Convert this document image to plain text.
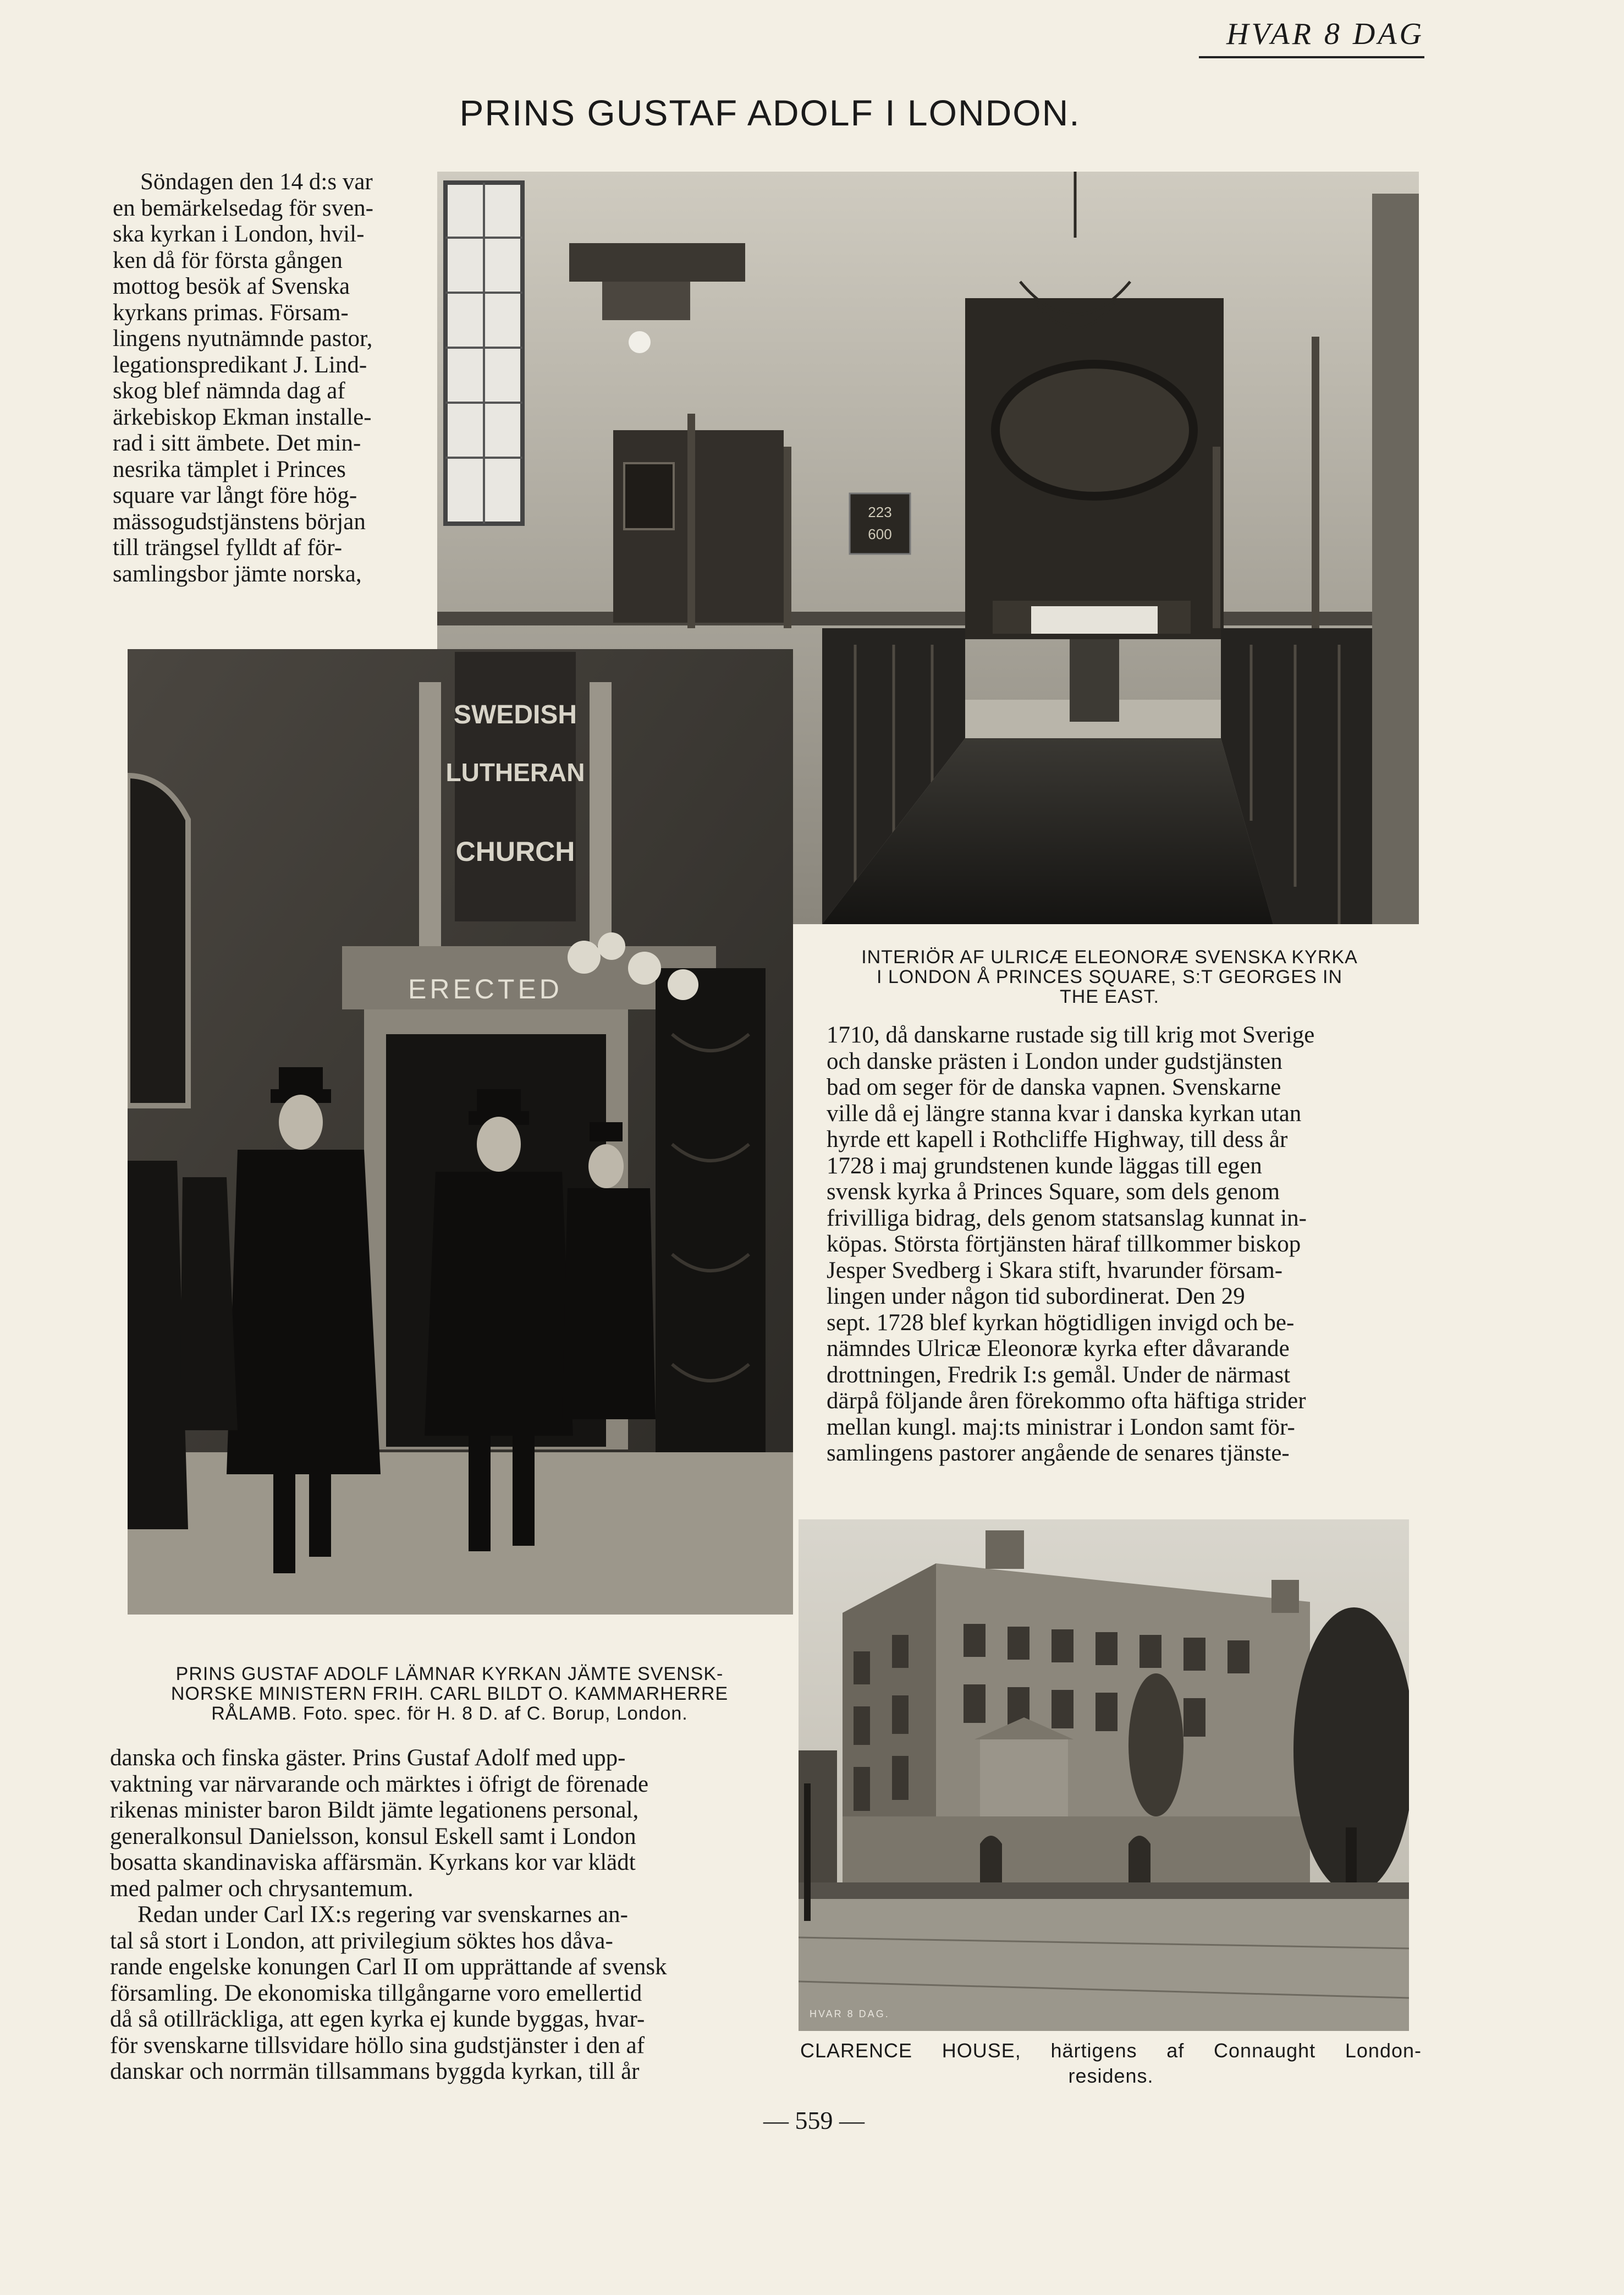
HVAR 8 DAG
PRINS GUSTAF ADOLF I LONDON.

Söndagen den 14 d:s var

en bemärkelsedag för sven-

ska kyrkan i London, hvil-

ken då för första gången

mottog besök af Svenska

kyrkans primas. Försam-

lingens nyutnämnde pastor,

legationspredikant J. Lind-

skog blef nämnda dag af

ärkebiskop Ekman installe-

rad i sitt ämbete. Det min-

nesrika tämplet i Princes

square var långt före hög-

mässogudstjänstens början

till trängsel fylldt af för-

samlingsbor jämte norska,

223
600
SWEDISH
LUTHERAN
CHURCH
ERECTED

INTERIÖR AF ULRICÆ ELEONORÆ SVENSKA KYRKA

I LONDON Å PRINCES SQUARE, S:T GEORGES IN

THE EAST.

1710, då danskarne rustade sig till krig mot Sverige

och danske prästen i London under gudstjänsten

bad om seger för de danska vapnen. Svenskarne

ville då ej längre stanna kvar i danska kyrkan utan

hyrde ett kapell i Rothcliffe Highway, till dess år

1728 i maj grundstenen kunde läggas till egen

svensk kyrka å Princes Square, som dels genom

frivilliga bidrag, dels genom statsanslag kunnat in-

köpas. Största förtjänsten häraf tillkommer biskop

Jesper Svedberg i Skara stift, hvarunder försam-

lingen under någon tid subordinerat. Den 29

sept. 1728 blef kyrkan högtidligen invigd och be-

nämndes Ulricæ Eleonoræ kyrka efter dåvarande

drottningen, Fredrik I:s gemål. Under de närmast

därpå följande åren förekommo ofta häftiga strider

mellan kungl. maj:ts ministrar i London samt för-

samlingens pastorer angående de senares tjänste-

PRINS GUSTAF ADOLF LÄMNAR KYRKAN JÄMTE SVENSK-

NORSKE MINISTERN FRIH. CARL BILDT O. KAMMARHERRE

RÅLAMB. Foto. spec. för H. 8 D. af C. Borup, London.

danska och finska gäster. Prins Gustaf Adolf med upp-

vaktning var närvarande och märktes i öfrigt de förenade

rikenas minister baron Bildt jämte legationens personal,

generalkonsul Danielsson, konsul Eskell samt i London

bosatta skandinaviska affärsmän. Kyrkans kor var klädt

med palmer och chrysantemum.

Redan under Carl IX:s regering var svenskarnes an-

tal så stort i London, att privilegium söktes hos dåva-

rande engelske konungen Carl II om upprättande af svensk

församling. De ekonomiska tillgångarne voro emellertid

då så otillräckliga, att egen kyrka ej kunde byggas, hvar-

för svenskarne tillsvidare höllo sina gudstjänster i den af

danskar och norrmän tillsammans byggda kyrkan, till år

HVAR 8 DAG.

CLARENCE HOUSE, härtigens af Connaught London-

residens.

— 559 —
